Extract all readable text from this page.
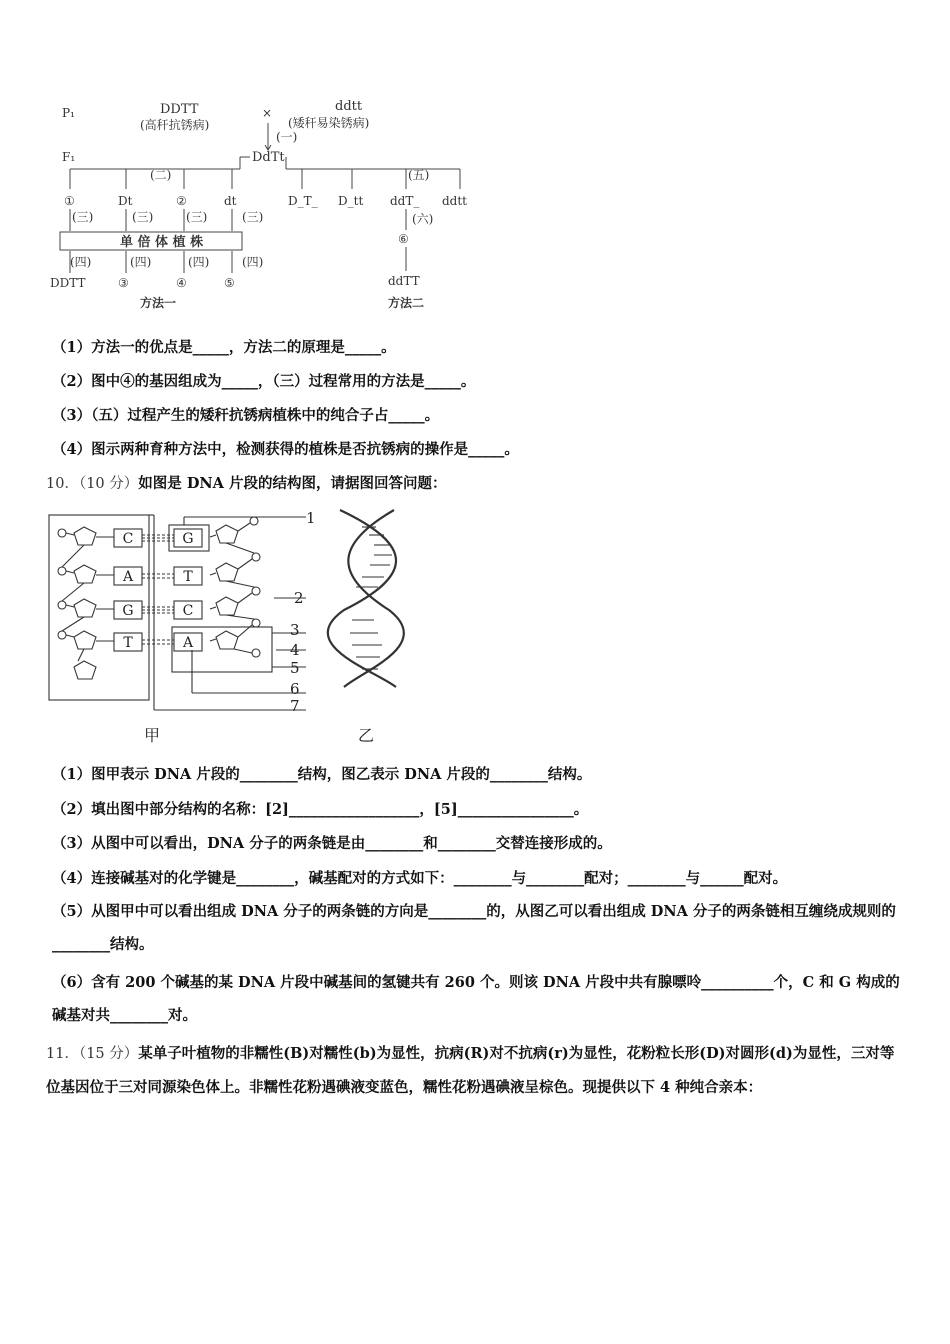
P₁	DDTT
(高秆抗锈病)
×	ddtt
(矮秆易染锈病)
(一)
F₁	DdTt
(二)	(五)
①	Dt	②	dt
(三)	(三)	(三)	(三)
单 倍 体 植 株
(四)	(四)	(四)	(四)
DDTT	③	④	⑤
方法一
D_T_ D_tt ddT_ ddtt
(六)
⑥
ddTT
方法二
（1）方法一的优点是_____，方法二的原理是_____。
（2）图中④的基因组成为_____，（三）过程常用的方法是_____。
（3）（五）过程产生的矮秆抗锈病植株中的纯合子占_____。
（4）图示两种育种方法中，检测获得的植株是否抗锈病的操作是_____。
10．（10 分）如图是 DNA 片段的结构图，请据图回答问题：
C
A
G
T
G
T
C
A
1
2
3
4
5
6
7
甲	乙
（1）图甲表示 DNA 片段的________结构，图乙表示 DNA 片段的________结构。
（2）填出图中部分结构的名称：[2]__________________，[5]________________。
（3）从图中可以看出，DNA 分子的两条链是由________和________交替连接形成的。
（4）连接碱基对的化学键是________，碱基配对的方式如下：________与________配对；________与______配对。
（5）从图甲中可以看出组成 DNA 分子的两条链的方向是________的，从图乙可以看出组成 DNA 分子的两条链相互缠绕成规则的________结构。
（6）含有 200 个碱基的某 DNA 片段中碱基间的氢键共有 260 个。则该 DNA 片段中共有腺嘌呤__________个，C 和 G 构成的碱基对共________对。
11．（15 分）某单子叶植物的非糯性(B)对糯性(b)为显性，抗病(R)对不抗病(r)为显性，花粉粒长形(D)对圆形(d)为显性，三对等位基因位于三对同源染色体上。非糯性花粉遇碘液变蓝色，糯性花粉遇碘液呈棕色。现提供以下 4 种纯合亲本：
